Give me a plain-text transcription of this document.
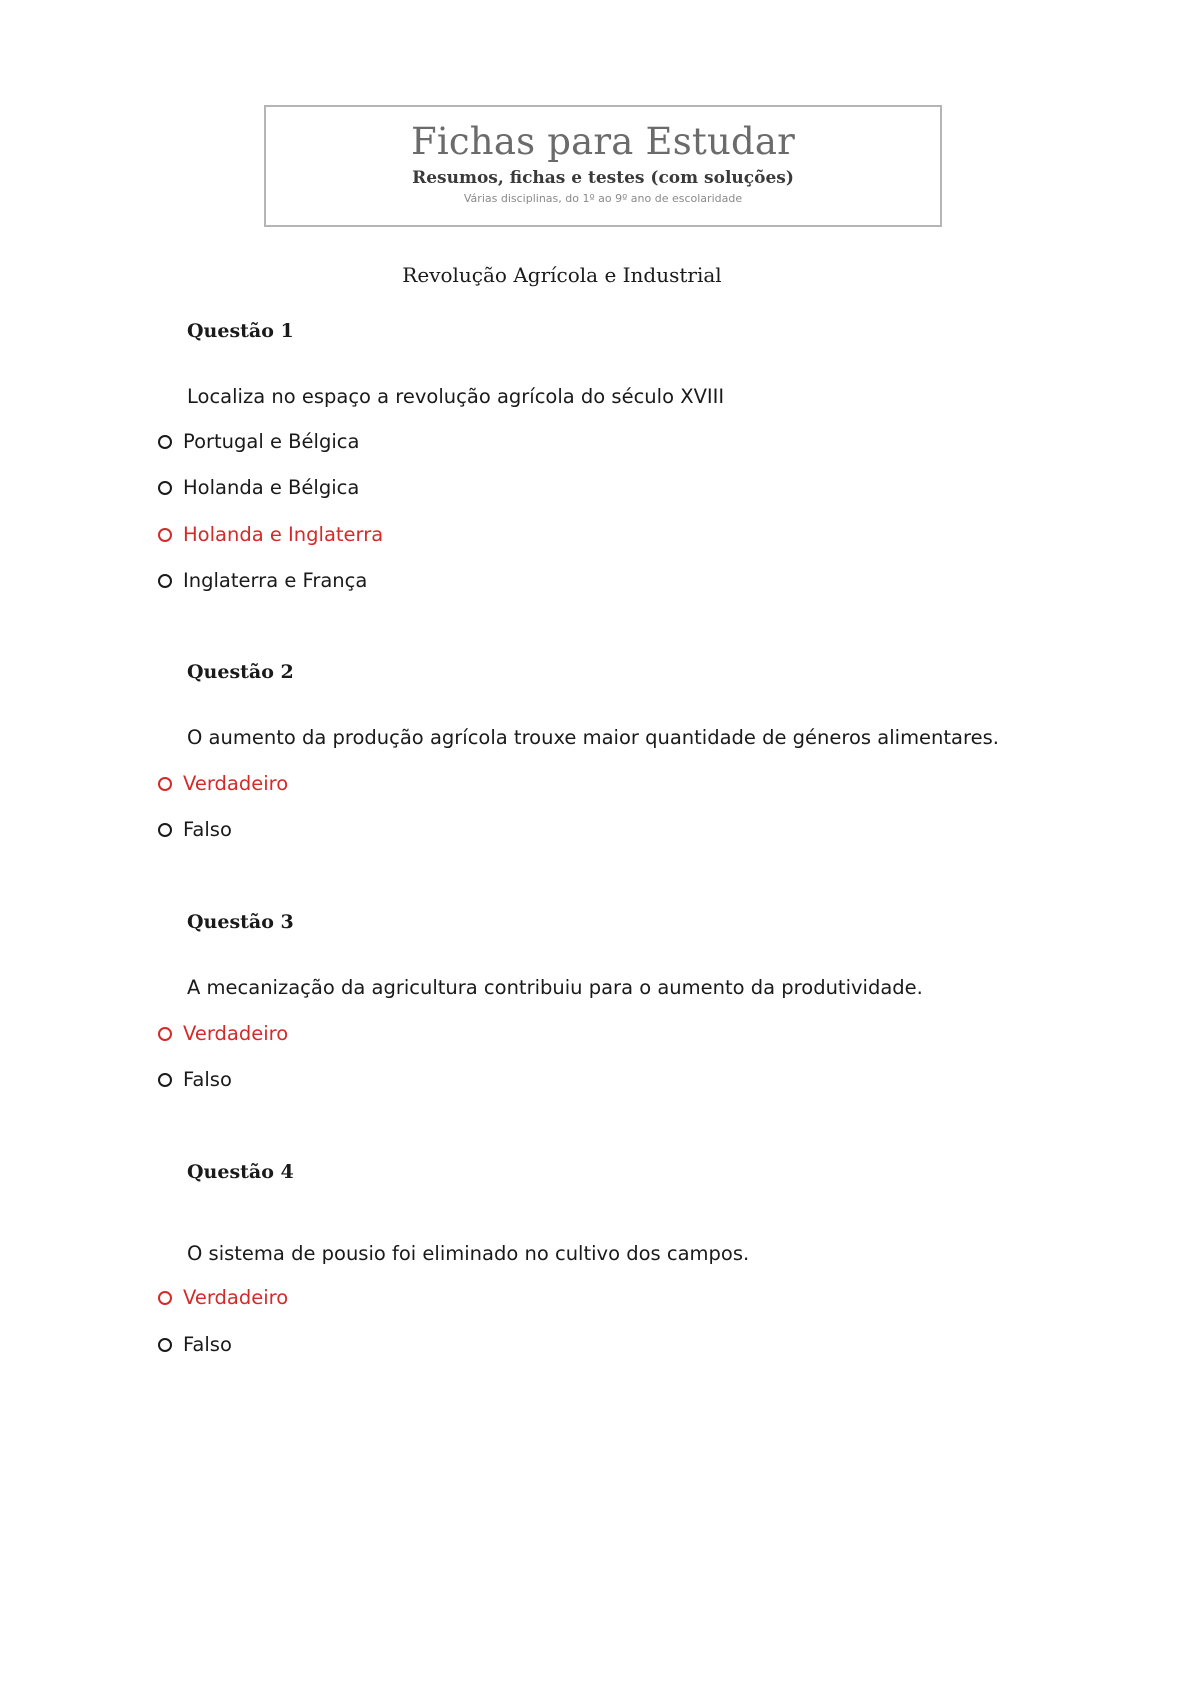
Fichas para Estudar
Resumos, fichas e testes (com soluções)
Várias disciplinas, do 1º ao 9º ano de escolaridade
Revolução Agrícola e Industrial
Questão 1
Localiza no espaço a revolução agrícola do século XVIII
Portugal e Bélgica
Holanda e Bélgica
Holanda e Inglaterra
Inglaterra e França
Questão 2
O aumento da produção agrícola trouxe maior quantidade de géneros alimentares.
Verdadeiro
Falso
Questão 3
A mecanização da agricultura contribuiu para o aumento da produtividade.
Verdadeiro
Falso
Questão 4
O sistema de pousio foi eliminado no cultivo dos campos.
Verdadeiro
Falso
